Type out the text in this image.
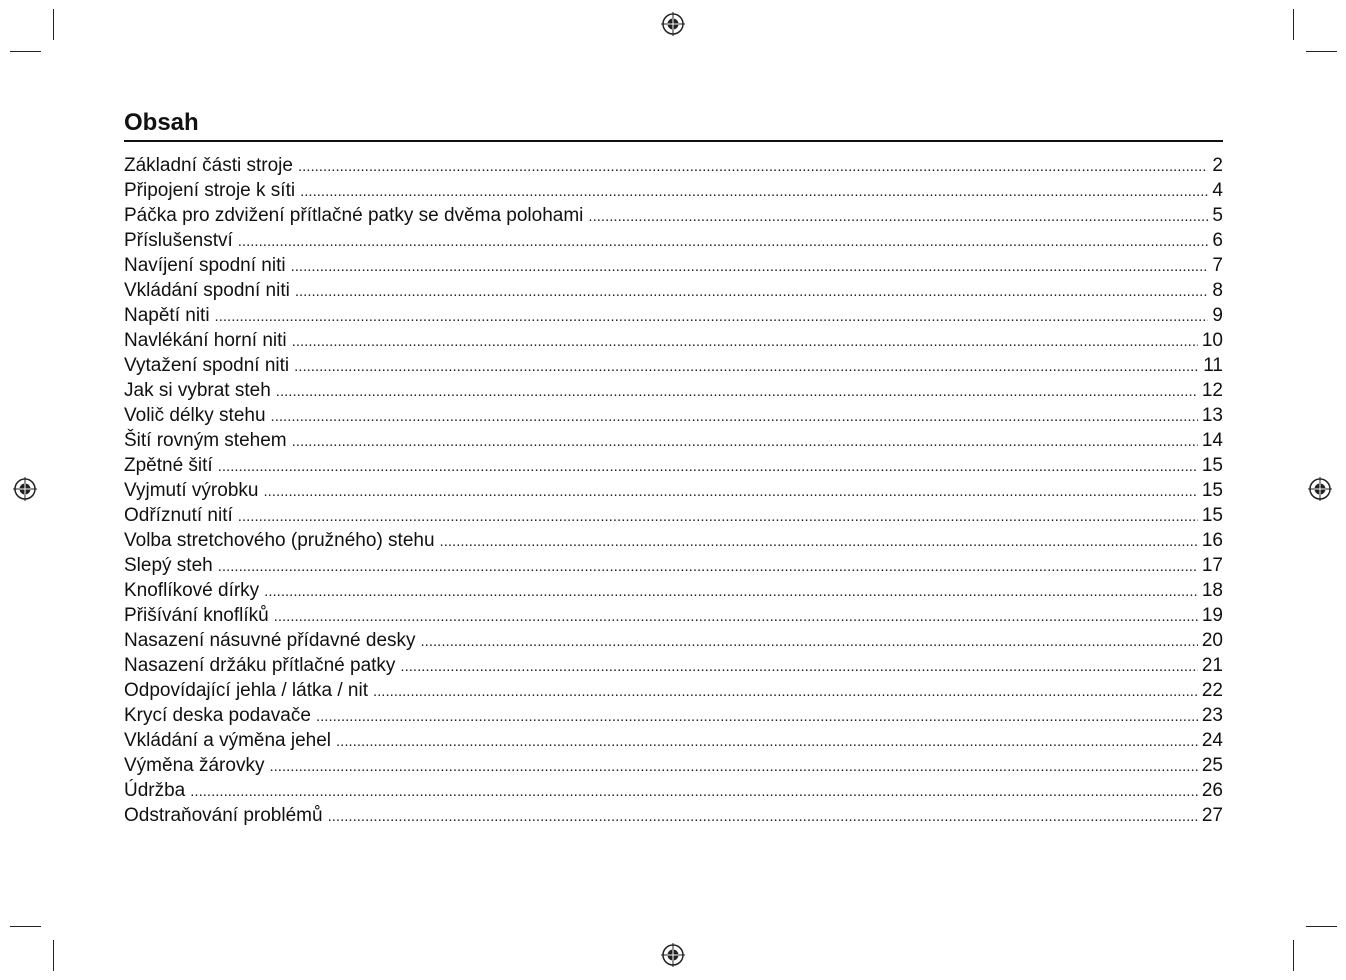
Obsah
Základní části stroje .....	2
Připojení stroje k síti .....	4
Páčka pro zdvižení přítlačné patky se dvěma polohami .....	5
Příslušenství .....	6
Navíjení spodní niti .....	7
Vkládání spodní niti .....	8
Napětí niti .....	9
Navlékání horní niti .....	10
Vytažení spodní niti .....	11
Jak si vybrat steh .....	12
Volič délky stehu .....	13
Šití rovným stehem .....	14
Zpětné šití .....	15
Vyjmutí výrobku .....	15
Odříznutí nití .....	15
Volba stretchového (pružného) stehu .....	16
Slepý steh .....	17
Knoflíkové dírky .....	18
Přišívání knoflíků .....	19
Nasazení násuvné přídavné desky .....	20
Nasazení držáku přítlačné patky .....	21
Odpovídající jehla / látka / nit .....	22
Krycí deska podavače .....	23
Vkládání a výměna jehel .....	24
Výměna žárovky .....	25
Údržba .....	26
Odstraňování problémů .....	27
